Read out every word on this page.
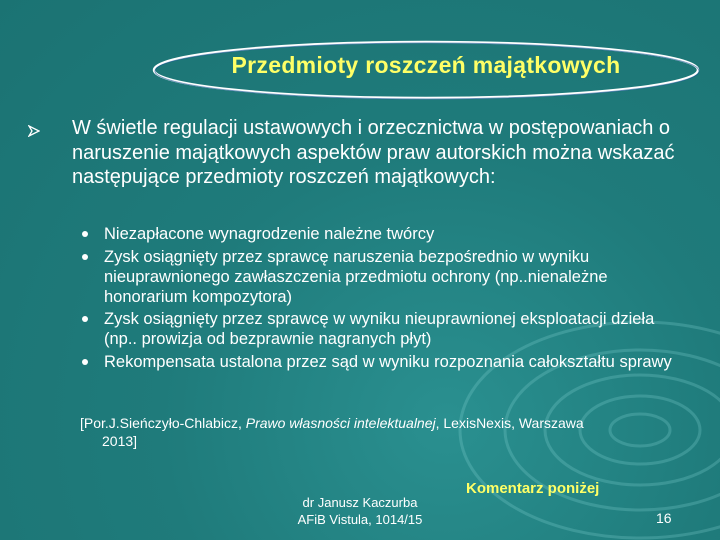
Przedmioty roszczeń majątkowych
W świetle regulacji ustawowych i orzecznictwa w postępowaniach o naruszenie majątkowych aspektów praw autorskich można wskazać następujące przedmioty roszczeń majątkowych:
Niezapłacone wynagrodzenie należne twórcy
Zysk osiągnięty przez sprawcę naruszenia bezpośrednio w wyniku nieuprawnionego zawłaszczenia przedmiotu ochrony (np..nienależne honorarium kompozytora)
Zysk osiągnięty przez sprawcę w wyniku nieuprawnionej eksploatacji dzieła (np.. prowizja od bezprawnie nagranych płyt)
Rekompensata ustalona przez sąd w wyniku rozpoznania całokształtu sprawy
[Por.J.Sieńczyło-Chlabicz, Prawo własności intelektualnej, LexisNexis, Warszawa
2013]
Komentarz poniżej
dr Janusz Kaczurba
AFiB Vistula, 1014/15	16
